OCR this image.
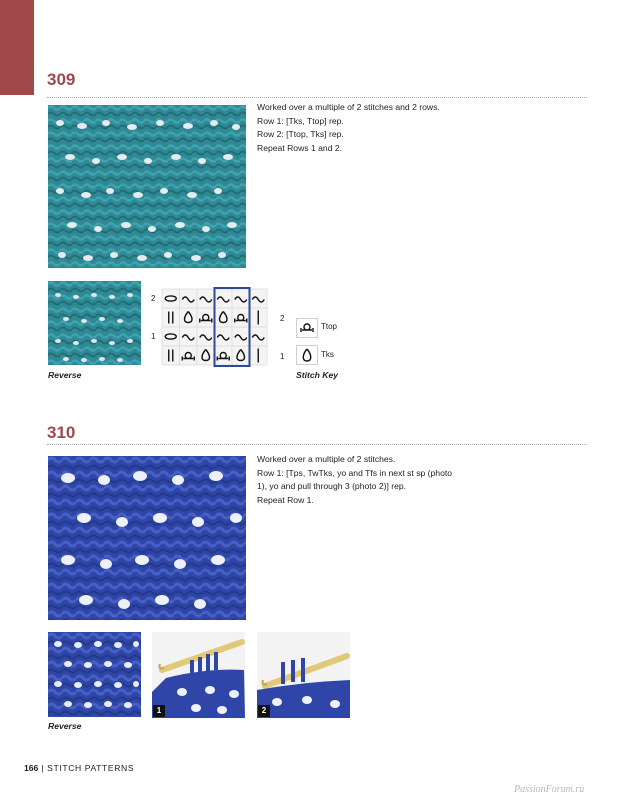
309

Worked over a multiple of 2 stitches and 2 rows.

Row 1: [Tks, Ttop] rep.

Row 2: [Ttop, Tks] rep.

Repeat Rows 1 and 2.

Reverse
2
1
2
1
Ttop
Tks
Stitch Key
310

Worked over a multiple of 2 stitches.

Row 1: [Tps, TwTks, yo and Tfs in next st sp (photo

1), yo and pull through 3 (photo 2)] rep.

Repeat Row 1.

Reverse
1	2
166 | STITCH PATTERNS
PassionForum.ru
